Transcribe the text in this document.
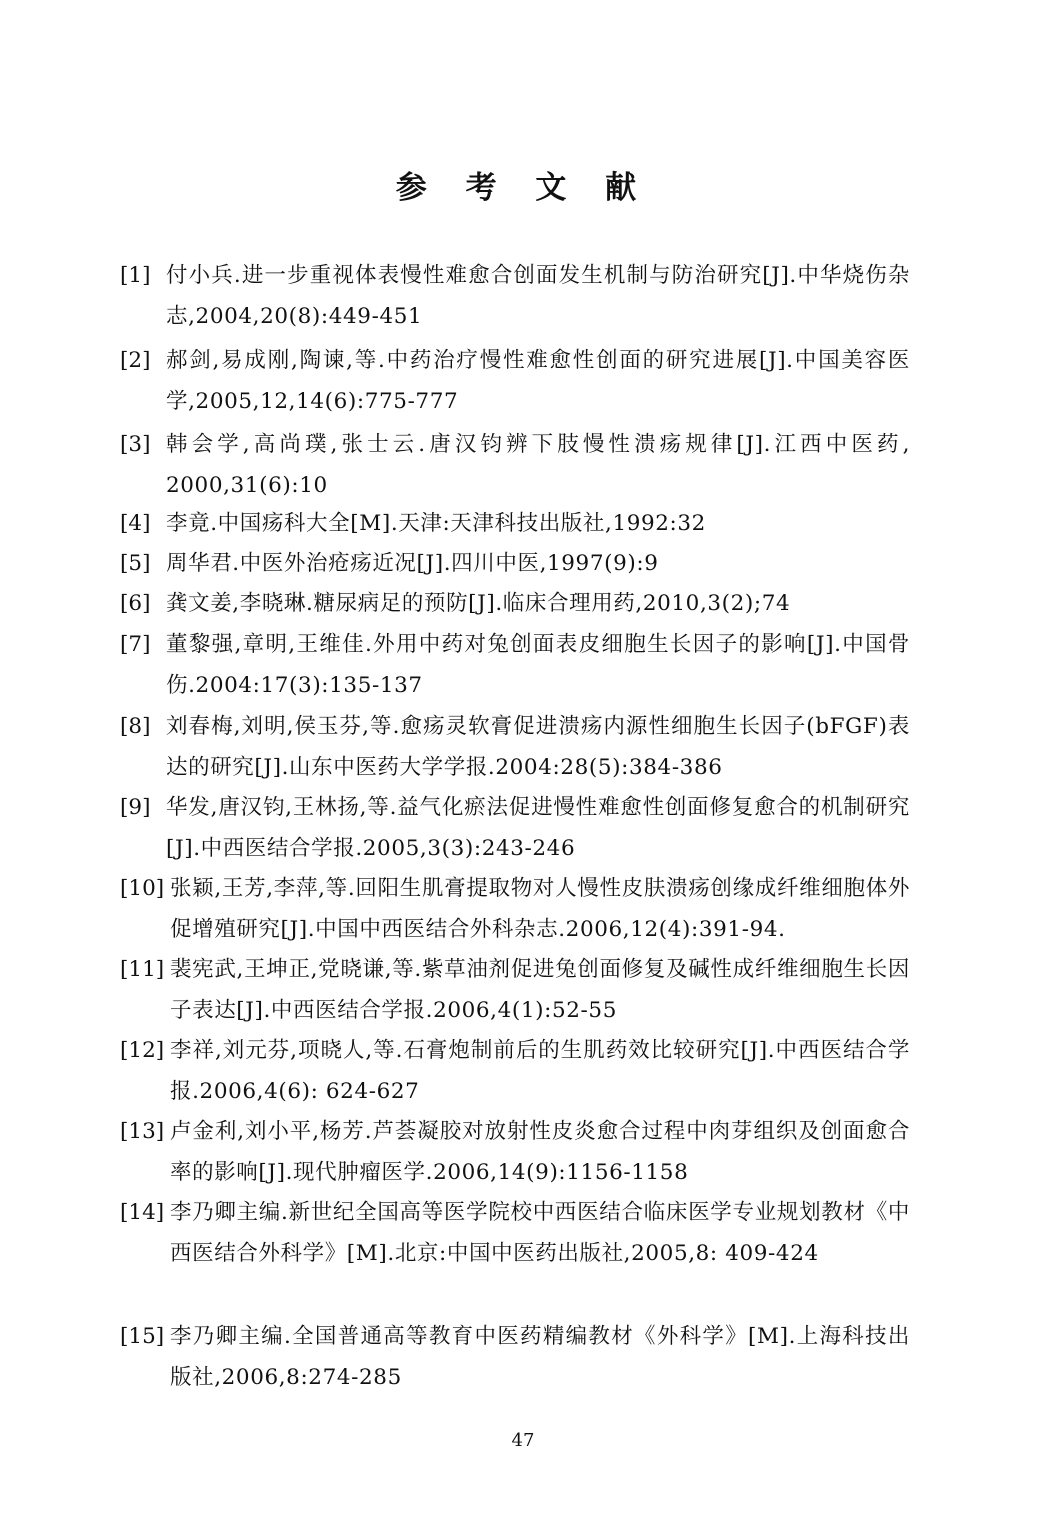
参 考 文 献
[1] 付小兵.进一步重视体表慢性难愈合创面发生机制与防治研究[J].中华烧伤杂志,2004,20(8):449-451
[2] 郝剑,易成刚,陶谏,等.中药治疗慢性难愈性创面的研究进展[J].中国美容医学,2005,12,14(6):775-777
[3] 韩会学,高尚璞,张士云.唐汉钧辨下肢慢性溃疡规律[J].江西中医药, 2000,31(6):10
[4] 李竟.中国疡科大全[M].天津:天津科技出版社,1992:32
[5] 周华君.中医外治疮疡近况[J].四川中医,1997(9):9
[6] 龚文姜,李晓琳.糖尿病足的预防[J].临床合理用药,2010,3(2);74
[7] 董黎强,章明,王维佳.外用中药对兔创面表皮细胞生长因子的影响[J].中国骨伤.2004:17(3):135-137
[8] 刘春梅,刘明,侯玉芬,等.愈疡灵软膏促进溃疡内源性细胞生长因子(bFGF)表达的研究[J].山东中医药大学学报.2004:28(5):384-386
[9] 华发,唐汉钧,王林扬,等.益气化瘀法促进慢性难愈性创面修复愈合的机制研究[J].中西医结合学报.2005,3(3):243-246
[10] 张颖,王芳,李萍,等.回阳生肌膏提取物对人慢性皮肤溃疡创缘成纤维细胞体外促增殖研究[J].中国中西医结合外科杂志.2006,12(4):391-94.
[11] 裴宪武,王坤正,党晓谦,等.紫草油剂促进兔创面修复及碱性成纤维细胞生长因子表达[J].中西医结合学报.2006,4(1):52-55
[12] 李祥,刘元芬,项晓人,等.石膏炮制前后的生肌药效比较研究[J].中西医结合学报.2006,4(6): 624-627
[13] 卢金利,刘小平,杨芳.芦荟凝胶对放射性皮炎愈合过程中肉芽组织及创面愈合率的影响[J].现代肿瘤医学.2006,14(9):1156-1158
[14] 李乃卿主编.新世纪全国高等医学院校中西医结合临床医学专业规划教材《中西医结合外科学》[M].北京:中国中医药出版社,2005,8: 409-424
[15] 李乃卿主编.全国普通高等教育中医药精编教材《外科学》[M].上海科技出版社,2006,8:274-285
47
